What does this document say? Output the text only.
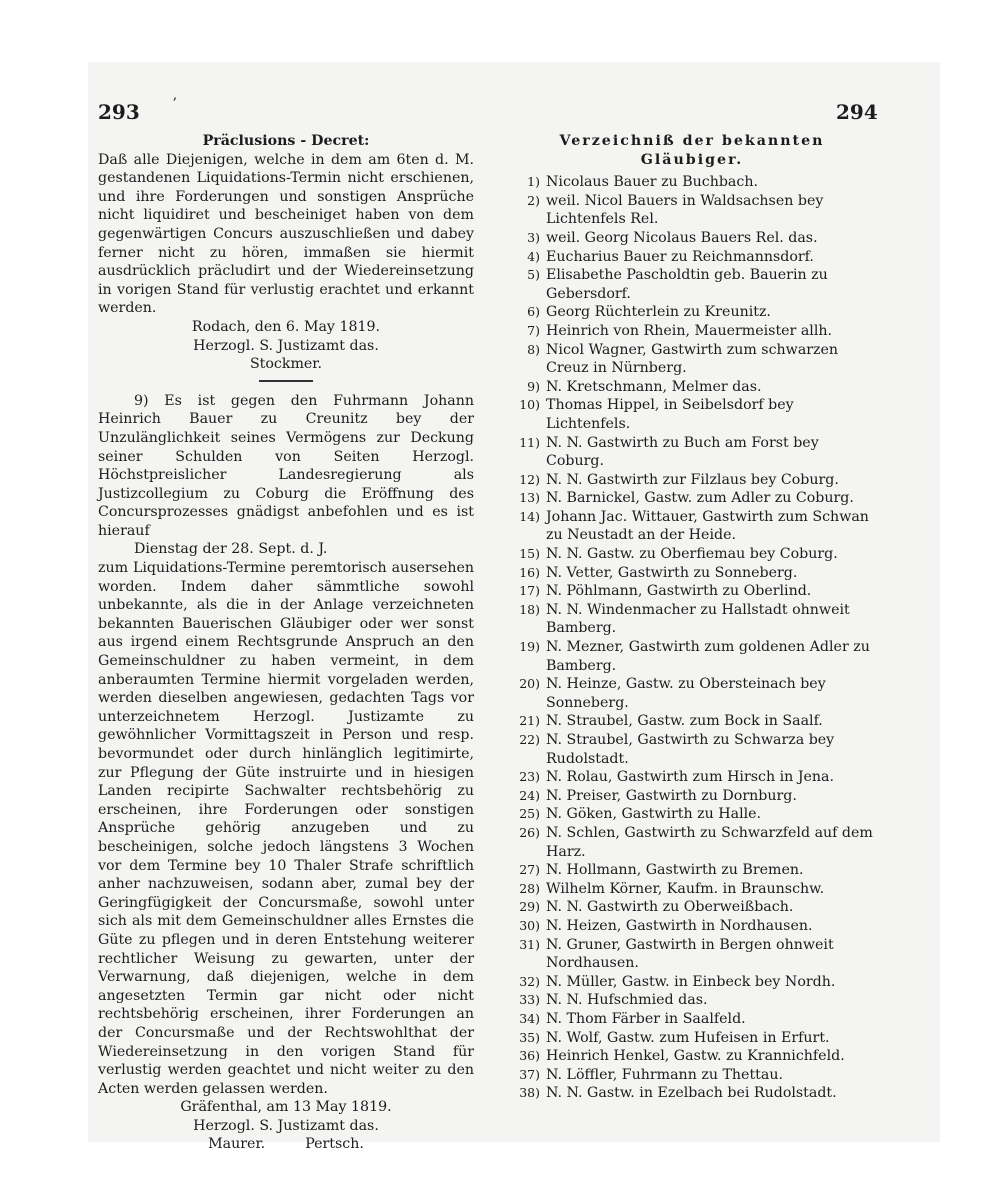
293 ʼ	294

Präclusions - Decret:

Daß alle Diejenigen, welche in dem am 6ten d. M. gestandenen Liquidations-Termin nicht erschienen, und ihre Forderungen und sonstigen Ansprüche nicht liquidiret und bescheiniget haben von dem gegenwärtigen Concurs auszuschließen und dabey ferner nicht zu hören, immaßen sie hiermit ausdrücklich präcludirt und der Wiedereinsetzung in vorigen Stand für verlustig erachtet und erkannt werden.

Rodach, den 6. May 1819.

Herzogl. S. Justizamt das.

Stockmer.

9) Es ist gegen den Fuhrmann Johann Heinrich Bauer zu Creunitz bey der Unzulänglichkeit seines Vermögens zur Deckung seiner Schulden von Seiten Herzogl. Höchstpreislicher Landesregierung als Justizcollegium zu Coburg die Eröffnung des Concursprozesses gnädigst anbefohlen und es ist hierauf

Dienstag der 28. Sept. d. J.

zum Liquidations-Termine peremtorisch ausersehen worden. Indem daher sämmtliche sowohl unbekannte, als die in der Anlage verzeichneten bekannten Bauerischen Gläubiger oder wer sonst aus irgend einem Rechtsgrunde Anspruch an den Gemeinschuldner zu haben vermeint, in dem anberaumten Termine hiermit vorgeladen werden, werden dieselben angewiesen, gedachten Tags vor unterzeichnetem Herzogl. Justizamte zu gewöhnlicher Vormittagszeit in Person und resp. bevormundet oder durch hinlänglich legitimirte, zur Pflegung der Güte instruirte und in hiesigen Landen recipirte Sachwalter rechtsbehörig zu erscheinen, ihre Forderungen oder sonstigen Ansprüche gehörig anzugeben und zu bescheinigen, solche jedoch längstens 3 Wochen vor dem Termine bey 10 Thaler Strafe schriftlich anher nachzuweisen, sodann aber, zumal bey der Geringfügigkeit der Concursmaße, sowohl unter sich als mit dem Gemeinschuldner alles Ernstes die Güte zu pflegen und in deren Entstehung weiterer rechtlicher Weisung zu gewarten, unter der Verwarnung, daß diejenigen, welche in dem angesetzten Termin gar nicht oder nicht rechtsbehörig erscheinen, ihrer Forderungen an der Concursmaße und der Rechtswohlthat der Wiedereinsetzung in den vorigen Stand für verlustig werden geachtet und nicht weiter zu den Acten werden gelassen werden.

Gräfenthal, am 13 May 1819.

Herzogl. S. Justizamt das.

Maurer.	Pertsch.

Verzeichniß der bekannten

Gläubiger.

1) Nicolaus Bauer zu Buchbach.
2) weil. Nicol Bauers in Waldsachsen bey Lichtenfels Rel.
3) weil. Georg Nicolaus Bauers Rel. das.
4) Eucharius Bauer zu Reichmannsdorf.
5) Elisabethe Pascholdtin geb. Bauerin zu Gebersdorf.
6) Georg Rüchterlein zu Kreunitz.
7) Heinrich von Rhein, Mauermeister allh.
8) Nicol Wagner, Gastwirth zum schwarzen Creuz in Nürnberg.
9) N. Kretschmann, Melmer das.
10) Thomas Hippel, in Seibelsdorf bey Lichtenfels.
11) N. N. Gastwirth zu Buch am Forst bey Coburg.
12) N. N. Gastwirth zur Filzlaus bey Coburg.
13) N. Barnickel, Gastw. zum Adler zu Coburg.
14) Johann Jac. Wittauer, Gastwirth zum Schwan zu Neustadt an der Heide.
15) N. N. Gastw. zu Oberfiemau bey Coburg.
16) N. Vetter, Gastwirth zu Sonneberg.
17) N. Pöhlmann, Gastwirth zu Oberlind.
18) N. N. Windenmacher zu Hallstadt ohnweit Bamberg.
19) N. Mezner, Gastwirth zum goldenen Adler zu Bamberg.
20) N. Heinze, Gastw. zu Obersteinach bey Sonneberg.
21) N. Straubel, Gastw. zum Bock in Saalf.
22) N. Straubel, Gastwirth zu Schwarza bey Rudolstadt.
23) N. Rolau, Gastwirth zum Hirsch in Jena.
24) N. Preiser, Gastwirth zu Dornburg.
25) N. Göken, Gastwirth zu Halle.
26) N. Schlen, Gastwirth zu Schwarzfeld auf dem Harz.
27) N. Hollmann, Gastwirth zu Bremen.
28) Wilhelm Körner, Kaufm. in Braunschw.
29) N. N. Gastwirth zu Oberweißbach.
30) N. Heizen, Gastwirth in Nordhausen.
31) N. Gruner, Gastwirth in Bergen ohnweit Nordhausen.
32) N. Müller, Gastw. in Einbeck bey Nordh.
33) N. N. Hufschmied das.
34) N. Thom Färber in Saalfeld.
35) N. Wolf, Gastw. zum Hufeisen in Erfurt.
36) Heinrich Henkel, Gastw. zu Krannichfeld.
37) N. Löffler, Fuhrmann zu Thettau.
38) N. N. Gastw. in Ezelbach bei Rudolstadt.
